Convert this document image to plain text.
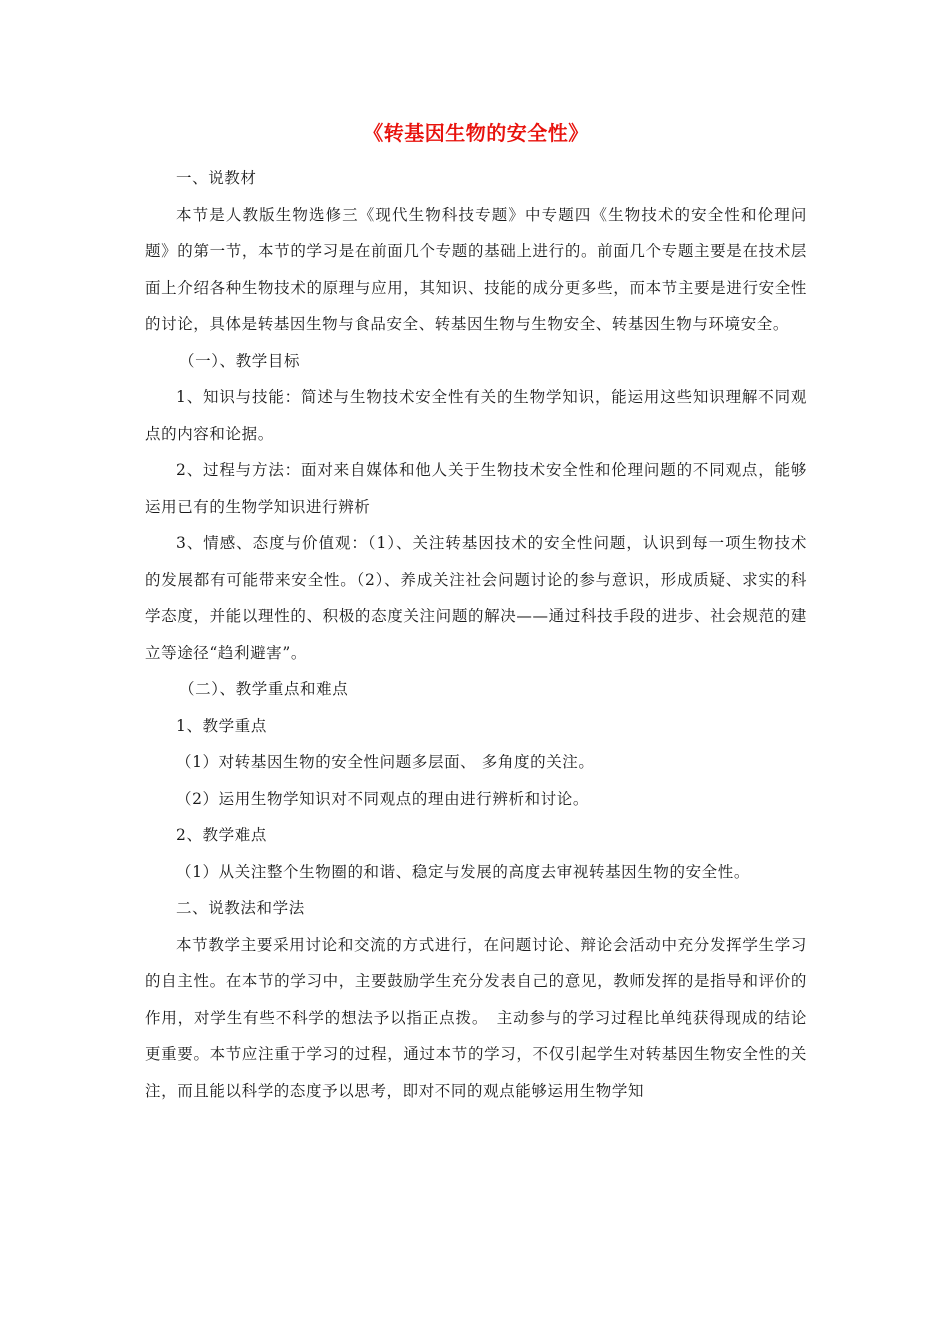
《转基因生物的安全性》

一、说教材

本节是人教版生物选修三《现代生物科技专题》中专题四《生物技术的安全性和伦理问题》的第一节，本节的学习是在前面几个专题的基础上进行的。前面几个专题主要是在技术层面上介绍各种生物技术的原理与应用，其知识、技能的成分更多些，而本节主要是进行安全性的讨论，具体是转基因生物与食品安全、转基因生物与生物安全、转基因生物与环境安全。

（一）、教学目标

1、知识与技能：简述与生物技术安全性有关的生物学知识，能运用这些知识理解不同观点的内容和论据。

2、过程与方法：面对来自媒体和他人关于生物技术安全性和伦理问题的不同观点，能够运用已有的生物学知识进行辨析

3、情感、态度与价值观：（1）、关注转基因技术的安全性问题，认识到每一项生物技术的发展都有可能带来安全性。（2）、养成关注社会问题讨论的参与意识，形成质疑、求实的科学态度，并能以理性的、积极的态度关注问题的解决——通过科技手段的进步、社会规范的建立等途径“趋利避害”。

（二）、教学重点和难点

1、教学重点

（1）对转基因生物的安全性问题多层面、 多角度的关注。

（2）运用生物学知识对不同观点的理由进行辨析和讨论。

2、教学难点

（1）从关注整个生物圈的和谐、稳定与发展的高度去审视转基因生物的安全性。

二、说教法和学法

本节教学主要采用讨论和交流的方式进行，在问题讨论、辩论会活动中充分发挥学生学习的自主性。在本节的学习中，主要鼓励学生充分发表自己的意见，教师发挥的是指导和评价的作用，对学生有些不科学的想法予以指正点拨。　主动参与的学习过程比单纯获得现成的结论更重要。本节应注重于学习的过程，通过本节的学习，不仅引起学生对转基因生物安全性的关注，而且能以科学的态度予以思考，即对不同的观点能够运用生物学知
